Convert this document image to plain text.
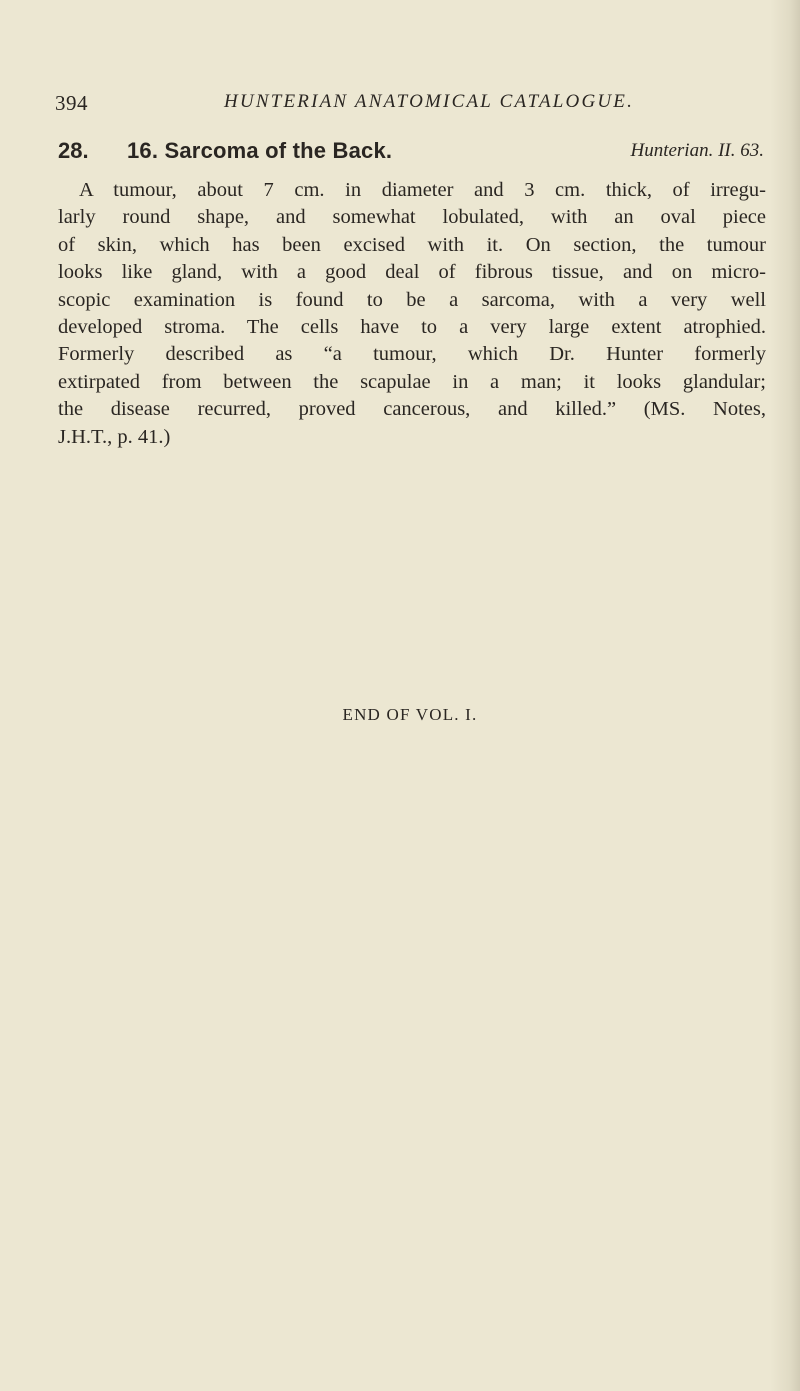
394	HUNTERIAN ANATOMICAL CATALOGUE.
28. 16. Sarcoma of the Back.	Hunterian. II. 63.
A tumour, about 7 cm. in diameter and 3 cm. thick, of irregu-
larly round shape, and somewhat lobulated, with an oval piece
of skin, which has been excised with it. On section, the tumour
looks like gland, with a good deal of fibrous tissue, and on micro-
scopic examination is found to be a sarcoma, with a very well
developed stroma. The cells have to a very large extent atrophied.
Formerly described as “a tumour, which Dr. Hunter formerly
extirpated from between the scapulae in a man; it looks glandular;
the disease recurred, proved cancerous, and killed.” (MS. Notes,
J.H.T., p. 41.)
END OF VOL. I.
